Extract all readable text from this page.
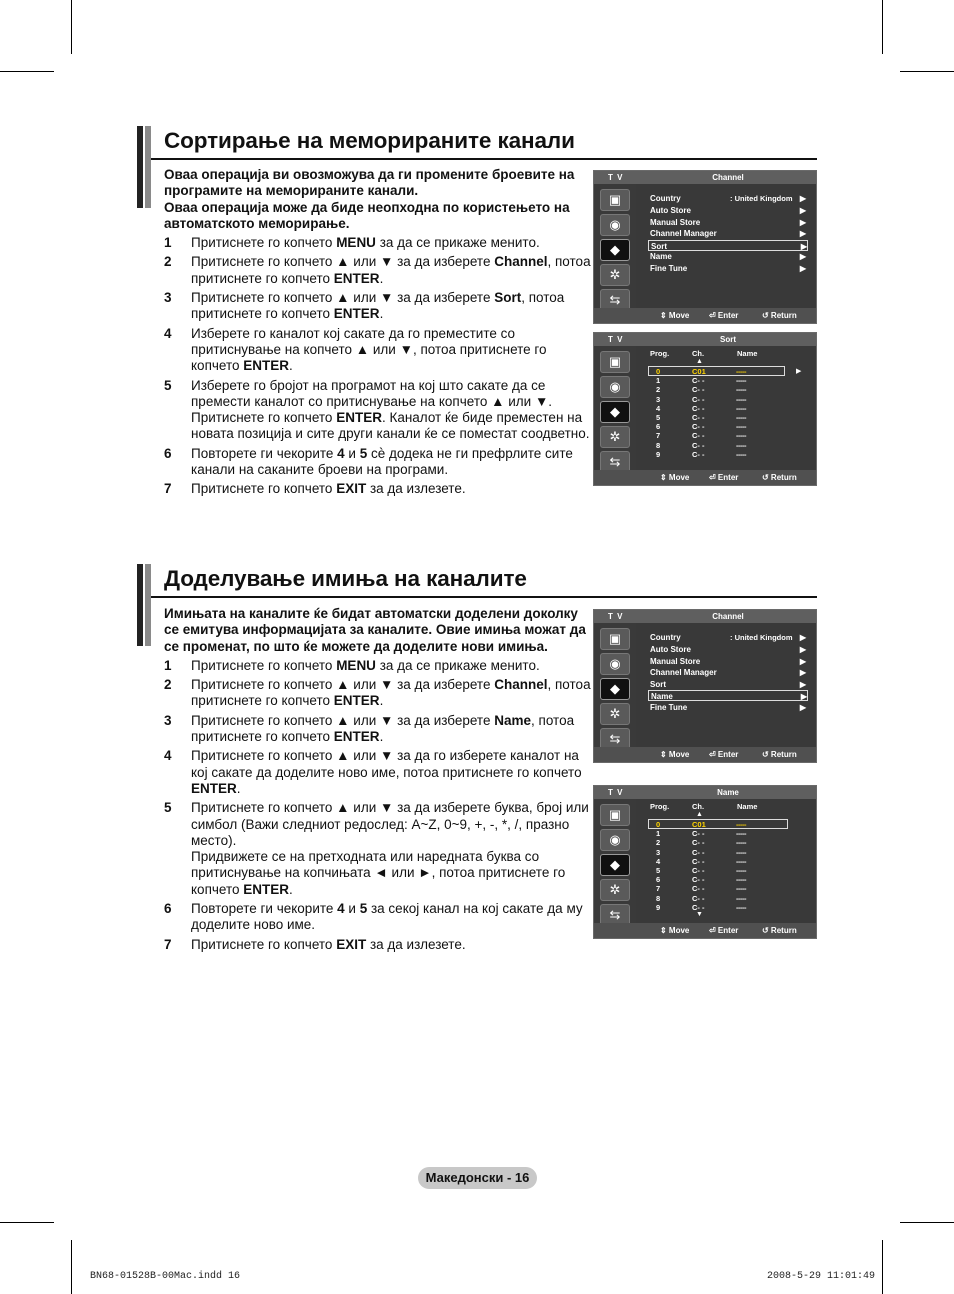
Сортирање на меморираните канали
Оваа операција ви овозможува да ги промените броевите на програмите на меморираните канали.
Оваа операција може да биде неопходна по користењето на автоматското меморирање.
1	Притиснете го копчето MENU за да се прикаже менито.
2	Притиснете го копчето ▲ или ▼ за да изберете Channel, потоа притиснете го копчето ENTER.
3	Притиснете го копчето ▲ или ▼ за да изберете Sort, потоа притиснете го копчето ENTER.
4	Изберете го каналот кој сакате да го преместите со притиснување на копчето ▲ или ▼, потоа притиснете го копчето ENTER.
5	Изберете го бројот на програмот на кој што сакате да се премести каналот со притиснување на копчето ▲ или ▼. Притиснете го копчето ENTER. Каналот ќе биде преместен на новата позиција и сите други канали ќе се поместат соодветно.
6	Повторете ги чекорите 4 и 5 сѐ додека не ги префрлите сите канали на саканите броеви на програми.
7	Притиснете го копчето EXIT за да излезете.
Доделување имиња на каналите
Имињата на каналите ќе бидат автоматски доделени доколку се емитува информацијата за каналите. Овие имиња можат да се променат, по што ќе можете да доделите нови имиња.
1	Притиснете го копчето MENU за да се прикаже менито.
2	Притиснете го копчето ▲ или ▼ за да изберете Channel, потоа притиснете го копчето ENTER.
3	Притиснете го копчето ▲ или ▼ за да изберете Name, потоа притиснете го копчето ENTER.
4	Притиснете го копчето ▲ или ▼ за да го изберете каналот на кој сакате да доделите ново име, потоа притиснете го копчето ENTER.
5	Притиснете го копчето ▲ или ▼ за да изберете буква, број или симбол (Важи следниот редослед: A~Z, 0~9, +, -, *, /, празно место).
Придвижете се на претходната или наредната буква со притиснување на копчињата ◄ или ►, потоа притиснете го копчето ENTER.
6	Повторете ги чекорите 4 и 5 за секој канал на кој сакате да му доделите ново име.
7	Притиснете го копчето EXIT за да излезете.
T V	Channel
▣
◉
◆
✲
⇆
Country	: United Kingdom ▶
Auto Store	▶
Manual Store	▶
Channel Manager	▶
Sort	▶
Name	▶
Fine Tune	▶
⇕ Move ⏎ Enter	↺ Return
T V	Sort
▣
◉
◆
✲
⇆
Prog.	Ch.	Name
▲
0	C01	-----
1	C- -	-----
2	C- -	-----
3	C- -	-----
4	C- -	-----
5	C- -	-----
6	C- -	-----
7	C- -	-----
8	C- -	-----
9	C- -	-----
▶
⇕ Move ⏎ Enter	↺ Return
T V	Channel
▣
◉
◆
✲
⇆
Country	: United Kingdom ▶
Auto Store	▶
Manual Store	▶
Channel Manager	▶
Sort	▶
Name	▶
Fine Tune	▶
⇕ Move ⏎ Enter	↺ Return
T V	Name
▣
◉
◆
✲
⇆
Prog.	Ch.	Name
▲
0	C01	-----
1	C- -	-----
2	C- -	-----
3	C- -	-----
4	C- -	-----
5	C- -	-----
6	C- -	-----
7	C- -	-----
8	C- -	-----
9	C- -	-----
▼
⇕ Move ⏎ Enter	↺ Return
Македонски - 16
BN68-01528B-00Mac.indd 16	2008-5-29 11:01:49
